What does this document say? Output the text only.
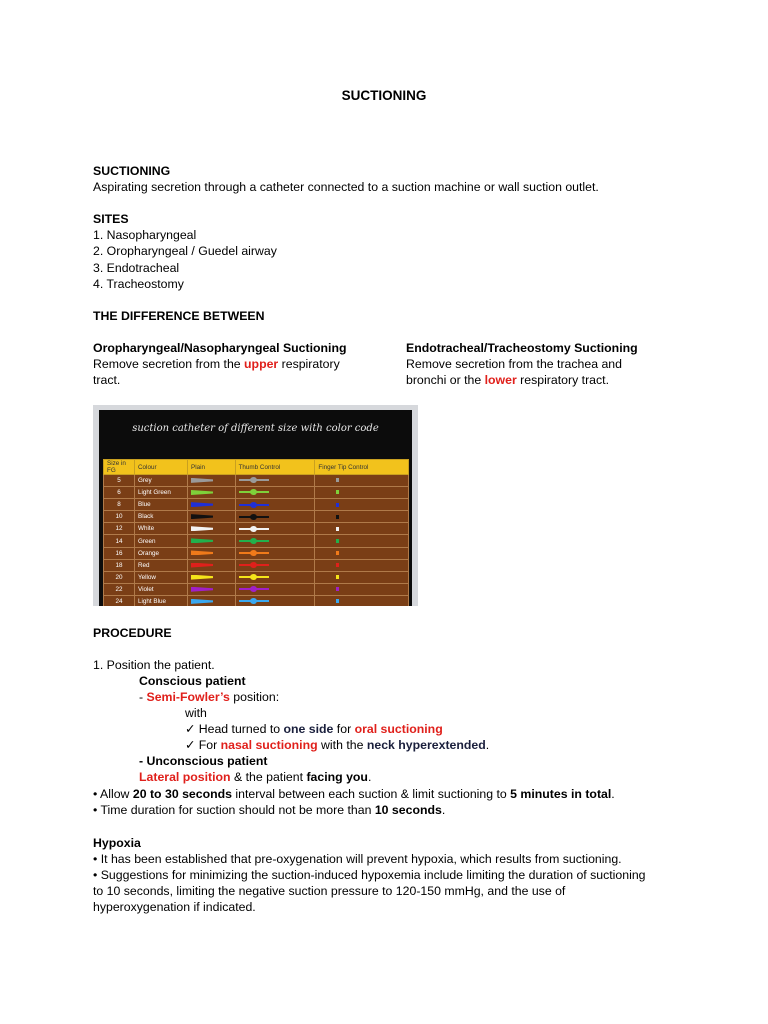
SUCTIONING
SUCTIONING
Aspirating secretion through a catheter connected to a suction machine or wall suction outlet.
SITES
1. Nasopharyngeal
2. Oropharyngeal / Guedel airway
3. Endotracheal
4. Tracheostomy
THE DIFFERENCE BETWEEN
Oropharyngeal/Nasopharyngeal Suctioning
Remove secretion from the upper respiratory
tract.
Endotracheal/Tracheostomy Suctioning
Remove secretion from the trachea and
bronchi or the lower respiratory tract.
suction catheter of different size with color code
Size in FG	Colour	Plain	Thumb Control	Finger Tip Control
5	Grey			
6	Light Green			
8	Blue			
10	Black			
12	White			
14	Green			
16	Orange			
18	Red			
20	Yellow			
22	Violet			
24	Light Blue			
PROCEDURE
1. Position the patient.
Conscious patient
- Semi-Fowler’s position:
with
✓ Head turned to one side for oral suctioning
✓ For nasal suctioning with the neck hyperextended.
- Unconscious patient
Lateral position & the patient facing you.
• Allow 20 to 30 seconds interval between each suction & limit suctioning to 5 minutes in total.
• Time duration for suction should not be more than 10 seconds.
Hypoxia
• It has been established that pre-oxygenation will prevent hypoxia, which results from suctioning.
• Suggestions for minimizing the suction-induced hypoxemia include limiting the duration of suctioning
to 10 seconds, limiting the negative suction pressure to 120-150 mmHg, and the use of
hyperoxygenation if indicated.
